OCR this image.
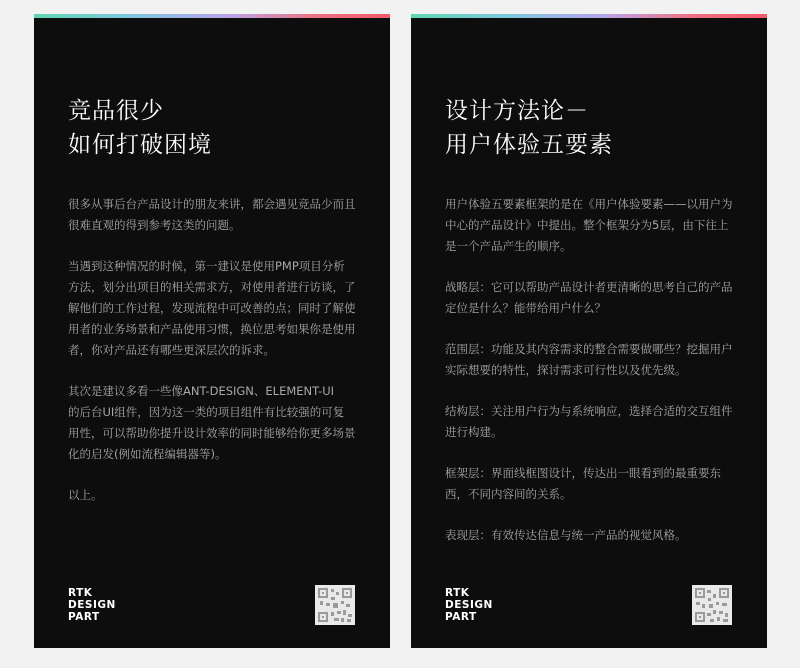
竞品很少
如何打破困境

很多从事后台产品设计的朋友来讲，都会遇见竞品少而且
很难直观的得到参考这类的问题。

当遇到这种情况的时候，第一建议是使用PMP项目分析
方法，划分出项目的相关需求方，对使用者进行访谈，了
解他们的工作过程，发现流程中可改善的点；同时了解使
用者的业务场景和产品使用习惯，换位思考如果你是使用
者，你对产品还有哪些更深层次的诉求。

其次是建议多看一些像ANT-DESIGN、ELEMENT-UI
的后台UI组件，因为这一类的项目组件有比较强的可复
用性，可以帮助你提升设计效率的同时能够给你更多场景
化的启发(例如流程编辑器等)。

以上。

RTK
DESIGN
PART
设计方法论－
用户体验五要素

用户体验五要素框架的是在《用户体验要素——以用户为
中心的产品设计》中提出。整个框架分为5层，由下往上
是一个产品产生的顺序。

战略层：它可以帮助产品设计者更清晰的思考自己的产品
定位是什么？能带给用户什么？

范围层：功能及其内容需求的整合需要做哪些？挖掘用户
实际想要的特性，探讨需求可行性以及优先级。

结构层：关注用户行为与系统响应，选择合适的交互组件
进行构建。

框架层：界面线框图设计，传达出一眼看到的最重要东
西，不同内容间的关系。

表现层：有效传达信息与统一产品的视觉风格。

RTK
DESIGN
PART
